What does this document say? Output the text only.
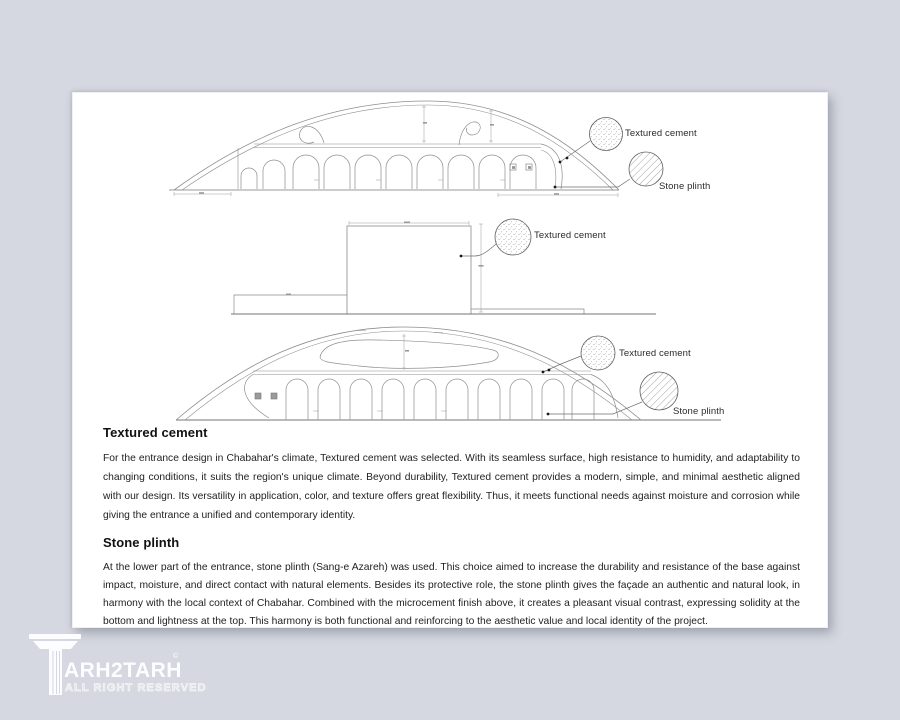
Textured cement
Stone plinth
Textured cement
Textured cement
Stone plinth
Textured cement

For the entrance design in Chabahar's climate, Textured cement was selected. With its seamless surface, high resistance to humidity, and adaptability to changing conditions, it suits the region's unique climate. Beyond durability, Textured cement provides a modern, simple, and minimal aesthetic aligned with our design. Its versatility in application, color, and texture offers great flexibility. Thus, it meets functional needs against moisture and corrosion while giving the entrance a unified and contemporary identity.

Stone plinth

At the lower part of the entrance, stone plinth (Sang-e Azareh) was used. This choice aimed to increase the durability and resistance of the base against impact, moisture, and direct contact with natural elements. Besides its protective role, the stone plinth gives the façade an authentic and natural look, in harmony with the local context of Chabahar. Combined with the microcement finish above, it creates a pleasant visual contrast, expressing solidity at the bottom and lightness at the top. This harmony is both functional and reinforcing to the aesthetic value and local identity of the project.

ARH2TARH
©
ALL RIGHT RESERVED
